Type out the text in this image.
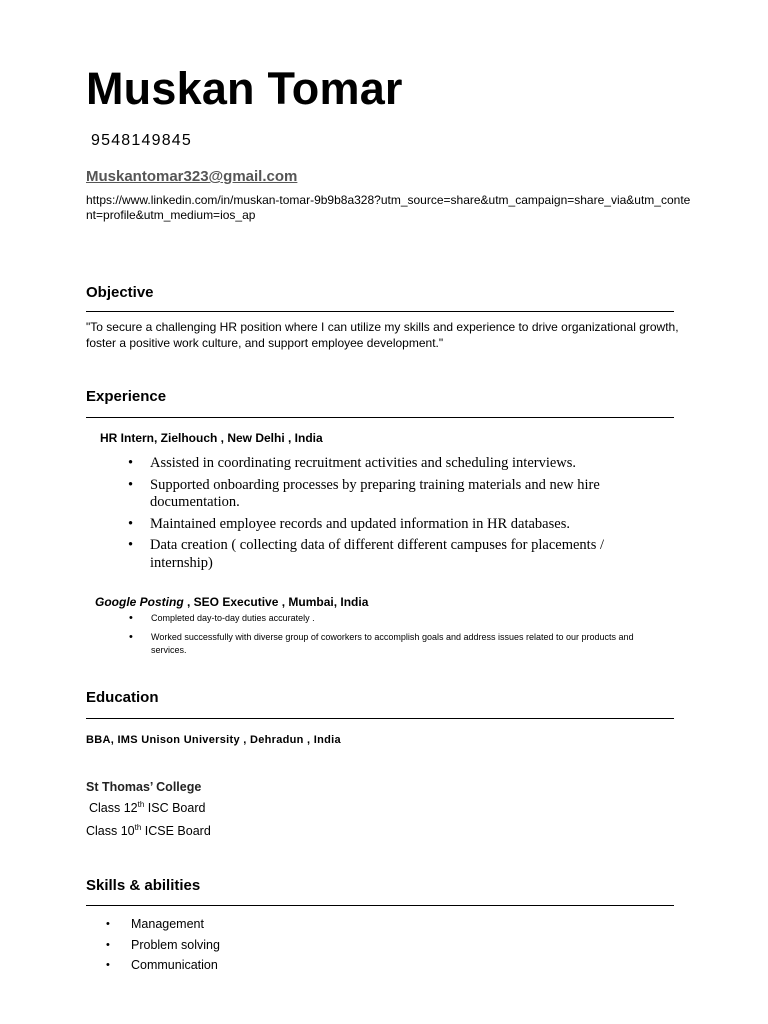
Muskan Tomar
9548149845
Muskantomar323@gmail.com
https://www.linkedin.com/in/muskan-tomar-9b9b8a328?utm_source=share&utm_campaign=share_via&utm_content=profile&utm_medium=ios_ap
Objective
"To secure a challenging HR position where I can utilize my skills and experience to drive organizational growth, foster a positive work culture, and support employee development."
Experience
HR Intern, Zielhouch , New Delhi , India
• Assisted in coordinating recruitment activities and scheduling interviews.
• Supported onboarding processes by preparing training materials and new hire documentation.
• Maintained employee records and updated information in HR databases.
• Data creation ( collecting data of different different campuses for placements / internship)
Google Posting , SEO Executive , Mumbai, India
• Completed day-to-day duties accurately .
• Worked successfully with diverse group of coworkers to accomplish goals and address issues related to our products and services.
Education
BBA, IMS Unison University , Dehradun , India
St Thomas’ College
Class 12th ISC Board
Class 10th ICSE Board
Skills & abilities
• Management
• Problem solving
• Communication
